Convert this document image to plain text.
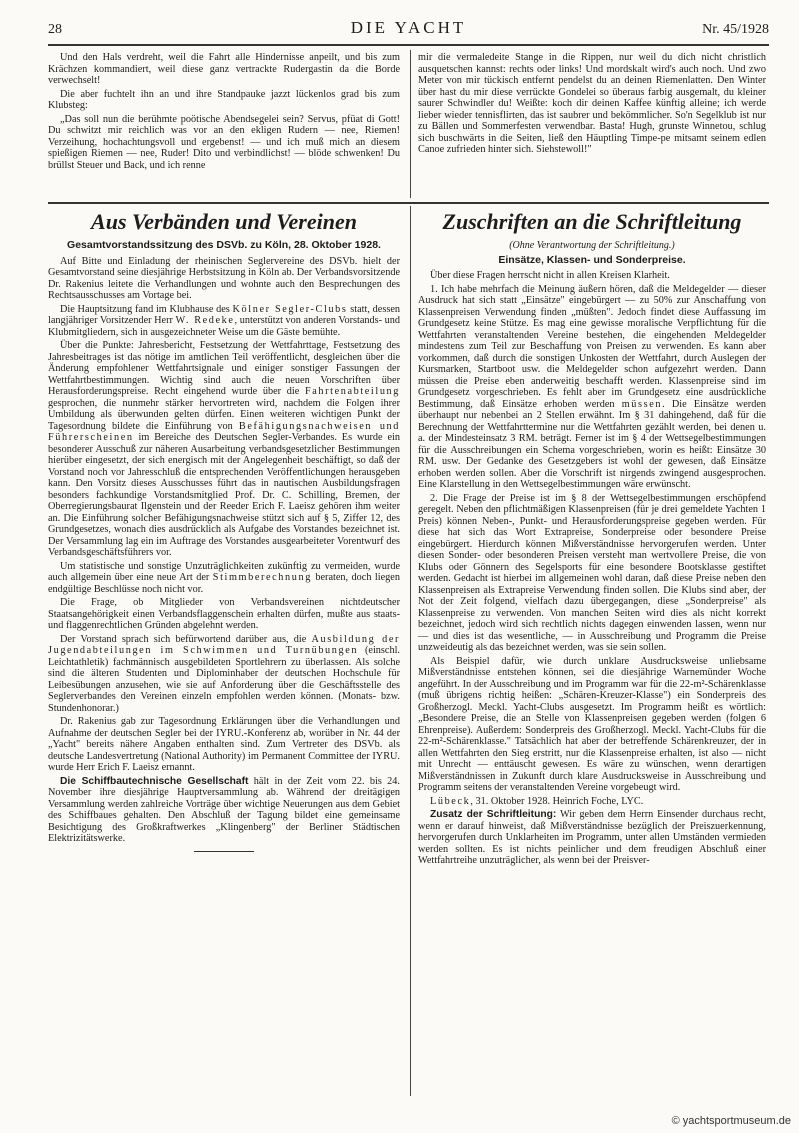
28	DIE YACHT	Nr. 45/1928

Und den Hals verdreht, weil die Fahrt alle Hindernisse anpeilt, und bis zum Krächzen kommandiert, weil diese ganz vertrackte Rudergastin da die Borde verwechselt!

Die aber fuchtelt ihn an und ihre Standpauke jazzt lückenlos grad bis zum Klubsteg:

„Das soll nun die berühmte poötische Abendsegelei sein? Servus, pfüat di Gott! Du schwitzt mir reichlich was vor an den ekligen Rudern — nee, Riemen! Verzeihung, hochachtungsvoll und ergebenst! — und ich muß mich an diesem spießigen Riemen — nee, Ruder! Dito und verbindlichst! — blöde schwenken! Du brüllst Steuer und Back, und ich renne

mir die vermaledeite Stange in die Rippen, nur weil du dich nicht christlich ausquetschen kannst: rechts oder links! Und mordskalt wird's auch noch. Und zwo Meter von mir tückisch entfernt pendelst du an deinen Riemenlatten. Den Winter über hast du mir diese verrückte Gondelei so überaus farbig ausgemalt, du kleiner saurer Schwindler du! Weißte: koch dir deinen Kaffee künftig alleine; ich werde lieber wieder tennisflirten, das ist saubrer und bekömmlicher. So'n Segelklub ist nur zu Bällen und Sommerfesten verwendbar. Basta! Hugh, grunste Winnetou, schlug sich buschwärts in die Seiten, ließ den Häuptling Timpe-pe mitsamt seinem edlen Canoe zufrieden hinter sich. Siehstewoll!"

Aus Verbänden und Vereinen
Gesamtvorstandssitzung des DSVb. zu Köln, 28. Oktober 1928.

Auf Bitte und Einladung der rheinischen Seglervereine des DSVb. hielt der Gesamtvorstand seine diesjährige Herbstsitzung in Köln ab. Der Verbandsvorsitzende Dr. Rakenius leitete die Verhandlungen und wohnte auch den Besprechungen des Rechtsausschusses am Vortage bei.

Die Hauptsitzung fand im Klubhause des Kölner Segler-Clubs statt, dessen langjähriger Vorsitzender Herr W. Redeke, unterstützt von anderen Vorstands- und Klubmitgliedern, sich in ausgezeichneter Weise um die Gäste bemühte.

Über die Punkte: Jahresbericht, Festsetzung der Wettfahrttage, Festsetzung des Jahresbeitrages ist das nötige im amtlichen Teil veröffentlicht, desgleichen über die Änderung empfohlener Wettfahrtsignale und einiger sonstiger Fassungen der Wettfahrtbestimmungen. Wichtig sind auch die neuen Vorschriften über Herausforderungspreise. Recht eingehend wurde über die Fahrtenabteilung gesprochen, die nunmehr stärker hervortreten wird, nachdem die Folgen ihrer Umbildung als überwunden gelten dürfen. Einen weiteren wichtigen Punkt der Tagesordnung bildete die Einführung von Befähigungsnachweisen und Führerscheinen im Bereiche des Deutschen Segler-Verbandes. Es wurde ein besonderer Ausschuß zur näheren Ausarbeitung verbandsgesetzlicher Bestimmungen hierüber eingesetzt, der sich energisch mit der Angelegenheit beschäftigt, so daß der Vorstand noch vor Jahresschluß die entsprechenden Veröffentlichungen herausgeben kann. Den Vorsitz dieses Ausschusses führt das in nautischen Ausbildungsfragen besonders fachkundige Vorstandsmitglied Prof. Dr. C. Schilling, Bremen, der Oberregierungsbaurat Ilgenstein und der Reeder Erich F. Laeisz gehören ihm weiter an. Die Einführung solcher Befähigungsnachweise stützt sich auf § 5, Ziffer 12, des Grundgesetzes, wonach dies ausdrücklich als Aufgabe des Vorstandes bezeichnet ist. Der Versammlung lag ein im Auftrage des Vorstandes ausgearbeiteter Vorentwurf des Verbandsgeschäftsführers vor.

Um statistische und sonstige Unzuträglichkeiten zukünftig zu vermeiden, wurde auch allgemein über eine neue Art der Stimmberechnung beraten, doch liegen endgültige Beschlüsse noch nicht vor.

Die Frage, ob Mitglieder von Verbandsvereinen nichtdeutscher Staatsangehörigkeit einen Verbandsflaggenschein erhalten dürfen, mußte aus staats- und flaggenrechtlichen Gründen abgelehnt werden.

Der Vorstand sprach sich befürwortend darüber aus, die Ausbildung der Jugendabteilungen im Schwimmen und Turnübungen (einschl. Leichtathletik) fachmännisch ausgebildeten Sportlehrern zu überlassen. Als solche sind die älteren Studenten und Diplominhaber der deutschen Hochschule für Leibesübungen anzusehen, wie sie auf Anforderung über die Geschäftsstelle des Seglerverbandes den Vereinen einzeln empfohlen werden können. (Monats- bzw. Stundenhonorar.)

Dr. Rakenius gab zur Tagesordnung Erklärungen über die Verhandlungen und Aufnahme der deutschen Segler bei der IYRU.-Konferenz ab, worüber in Nr. 44 der „Yacht" bereits nähere Angaben enthalten sind. Zum Vertreter des DSVb. als deutsche Landesvertretung (National Authority) im Permanent Committee der IYRU. wurde Herr Erich F. Laeisz ernannt.

Die Schiffbautechnische Gesellschaft hält in der Zeit vom 22. bis 24. November ihre diesjährige Hauptversammlung ab. Während der dreitägigen Versammlung werden zahlreiche Vorträge über wichtige Neuerungen aus dem Gebiet des Schiffbaues gehalten. Den Abschluß der Tagung bildet eine gemeinsame Besichtigung des Großkraftwerkes „Klingenberg" der Berliner Städtischen Elektrizitätswerke.

Zuschriften an die Schriftleitung
(Ohne Verantwortung der Schriftleitung.)
Einsätze, Klassen- und Sonderpreise.

Über diese Fragen herrscht nicht in allen Kreisen Klarheit.

1. Ich habe mehrfach die Meinung äußern hören, daß die Meldegelder — dieser Ausdruck hat sich statt „Einsätze" eingebürgert — zu 50% zur Anschaffung von Klassenpreisen Verwendung finden „müßten". Jedoch findet diese Auffassung im Grundgesetz keine Stütze. Es mag eine gewisse moralische Verpflichtung für die Wettfahrten veranstaltenden Vereine bestehen, die eingehenden Meldegelder mindestens zum Teil zur Beschaffung von Preisen zu verwenden. Es kann aber vorkommen, daß durch die sonstigen Unkosten der Wettfahrt, durch Auslegen der Kursmarken, Startboot usw. die Meldegelder schon aufgezehrt werden. Dann müssen die Preise eben anderweitig beschafft werden. Klassenpreise sind im Grundgesetz vorgeschrieben. Es fehlt aber im Grundgesetz eine ausdrückliche Bestimmung, daß Einsätze erhoben werden müssen. Die Einsätze werden überhaupt nur nebenbei an 2 Stellen erwähnt. Im § 31 dahingehend, daß für die Berechnung der Wettfahrttermine nur die Wettfahrten gezählt werden, bei denen u. a. der Mindesteinsatz 3 RM. beträgt. Ferner ist im § 4 der Wettsegelbestimmungen für die Ausschreibungen ein Schema vorgeschrieben, worin es heißt: Einsätze 30 RM. usw. Der Gedanke des Gesetzgebers ist wohl der gewesen, daß Einsätze erhoben werden sollen. Aber die Vorschrift ist nirgends zwingend ausgesprochen. Eine Klarstellung in den Wettsegelbestimmungen wäre erwünscht.

2. Die Frage der Preise ist im § 8 der Wettsegelbestimmungen erschöpfend geregelt. Neben den pflichtmäßigen Klassenpreisen (für je drei gemeldete Yachten 1 Preis) können Neben-, Punkt- und Herausforderungspreise gegeben werden. Für diese hat sich das Wort Extrapreise, Sonderpreise oder besondere Preise eingebürgert. Hierdurch können Mißverständnisse hervorgerufen werden. Unter diesen Sonder- oder besonderen Preisen versteht man wertvollere Preise, die von Klubs oder Gönnern des Segelsports für eine besondere Bootsklasse gestiftet werden. Gedacht ist hierbei im allgemeinen wohl daran, daß diese Preise neben den Klassenpreisen als Extrapreise Verwendung finden sollen. Die Klubs sind aber, der Not der Zeit folgend, vielfach dazu übergegangen, diese „Sonderpreise" als Klassenpreise zu verwenden. Von manchen Seiten wird dies als nicht korrekt bezeichnet, jedoch wird sich rechtlich nichts dagegen einwenden lassen, wenn nur — und dies ist das wesentliche, — in Ausschreibung und Programm die Preise unzweideutig als das bezeichnet werden, was sie sein sollen.

Als Beispiel dafür, wie durch unklare Ausdrucksweise unliebsame Mißverständnisse entstehen können, sei die diesjährige Warnemünder Woche angeführt. In der Ausschreibung und im Programm war für die 22-m²-Schärenklasse (muß übrigens richtig heißen: „Schären-Kreuzer-Klasse") ein Sonderpreis des Großherzogl. Meckl. Yacht-Clubs ausgesetzt. Im Programm heißt es wörtlich: „Besondere Preise, die an Stelle von Klassenpreisen gegeben werden (folgen 6 Ehrenpreise). Außerdem: Sonderpreis des Großherzogl. Meckl. Yacht-Clubs für die 22-m²-Schärenklasse." Tatsächlich hat aber der betreffende Schärenkreuzer, der in allen Wettfahrten den Sieg erstritt, nur die Klassenpreise erhalten, ist also — nicht mit Unrecht — enttäuscht gewesen. Es wäre zu wünschen, wenn derartigen Mißverständnissen in Zukunft durch klare Ausdrucksweise in Ausschreibung und Programm seitens der veranstaltenden Vereine vorgebeugt wird.

Lübeck, 31. Oktober 1928. Heinrich Foche, LYC.

Zusatz der Schriftleitung: Wir geben dem Herrn Einsender durchaus recht, wenn er darauf hinweist, daß Mißverständnisse bezüglich der Preiszuerkennung, hervorgerufen durch Unklarheiten im Programm, unter allen Umständen vermieden werden sollten. Es ist nichts peinlicher und dem freudigen Abschluß einer Wettfahrtreihe unzuträglicher, als wenn bei der Preisver-

© yachtsportmuseum.de
